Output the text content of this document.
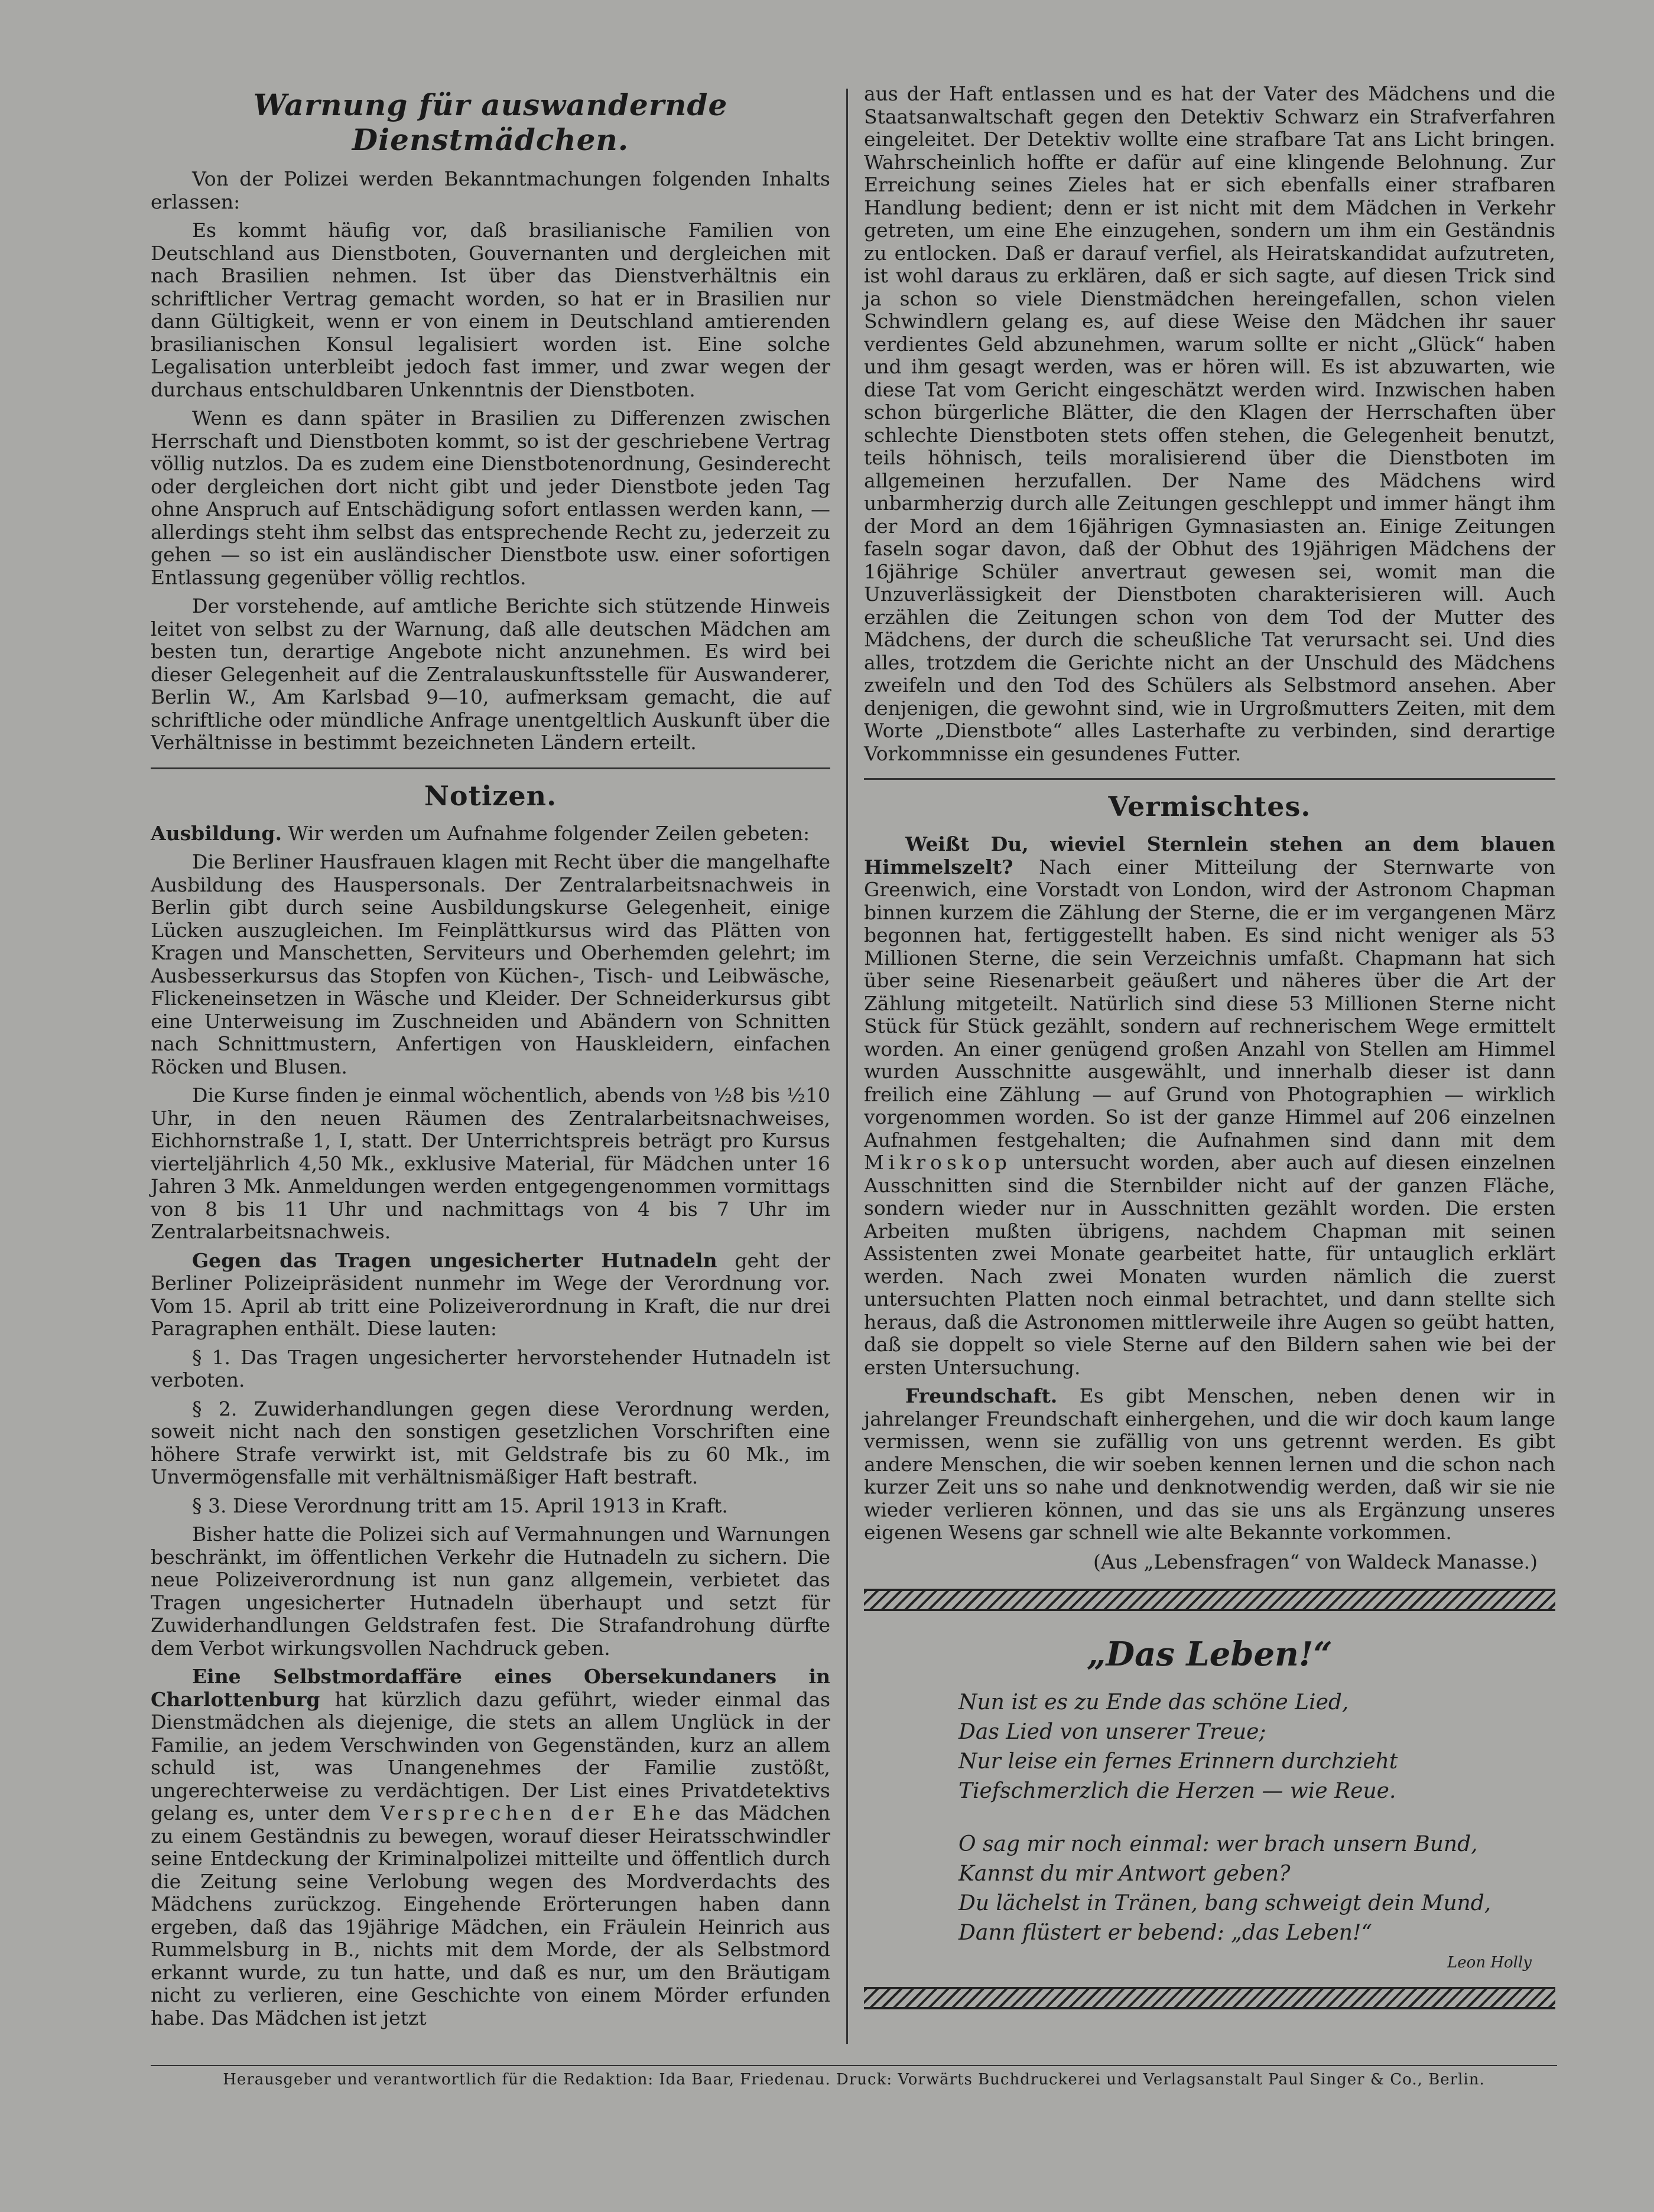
Warnung für auswandernde Dienstmädchen.

Von der Polizei werden Bekanntmachungen folgenden Inhalts erlassen:

Es kommt häufig vor, daß brasilianische Familien von Deutschland aus Dienstboten, Gouvernanten und dergleichen mit nach Brasilien nehmen. Ist über das Dienstverhältnis ein schriftlicher Vertrag gemacht worden, so hat er in Brasilien nur dann Gültigkeit, wenn er von einem in Deutschland amtierenden brasilianischen Konsul legalisiert worden ist. Eine solche Legalisation unterbleibt jedoch fast immer, und zwar wegen der durchaus entschuldbaren Unkenntnis der Dienstboten.

Wenn es dann später in Brasilien zu Differenzen zwischen Herrschaft und Dienstboten kommt, so ist der geschriebene Vertrag völlig nutzlos. Da es zudem eine Dienstbotenordnung, Gesinderecht oder dergleichen dort nicht gibt und jeder Dienstbote jeden Tag ohne Anspruch auf Entschädigung sofort entlassen werden kann, — allerdings steht ihm selbst das entsprechende Recht zu, jederzeit zu gehen — so ist ein ausländischer Dienstbote usw. einer sofortigen Entlassung gegenüber völlig rechtlos.

Der vorstehende, auf amtliche Berichte sich stützende Hinweis leitet von selbst zu der Warnung, daß alle deutschen Mädchen am besten tun, derartige Angebote nicht anzunehmen. Es wird bei dieser Gelegenheit auf die Zentralauskunftsstelle für Auswanderer, Berlin W., Am Karlsbad 9—10, aufmerksam gemacht, die auf schriftliche oder mündliche Anfrage unentgeltlich Auskunft über die Verhältnisse in bestimmt bezeichneten Ländern erteilt.

Notizen.

Ausbildung. Wir werden um Aufnahme folgender Zeilen gebeten:

Die Berliner Hausfrauen klagen mit Recht über die mangelhafte Ausbildung des Hauspersonals. Der Zentralarbeitsnachweis in Berlin gibt durch seine Ausbildungskurse Gelegenheit, einige Lücken auszugleichen. Im Feinplättkursus wird das Plätten von Kragen und Manschetten, Serviteurs und Oberhemden gelehrt; im Ausbesserkursus das Stopfen von Küchen-, Tisch- und Leibwäsche, Flickeneinsetzen in Wäsche und Kleider. Der Schneiderkursus gibt eine Unterweisung im Zuschneiden und Abändern von Schnitten nach Schnittmustern, Anfertigen von Hauskleidern, einfachen Röcken und Blusen.

Die Kurse finden je einmal wöchentlich, abends von ½8 bis ½10 Uhr, in den neuen Räumen des Zentralarbeitsnachweises, Eichhornstraße 1, I, statt. Der Unterrichtspreis beträgt pro Kursus vierteljährlich 4,50 Mk., exklusive Material, für Mädchen unter 16 Jahren 3 Mk. Anmeldungen werden entgegengenommen vormittags von 8 bis 11 Uhr und nachmittags von 4 bis 7 Uhr im Zentralarbeitsnachweis.

Gegen das Tragen ungesicherter Hutnadeln geht der Berliner Polizeipräsident nunmehr im Wege der Verordnung vor. Vom 15. April ab tritt eine Polizeiverordnung in Kraft, die nur drei Paragraphen enthält. Diese lauten:

§ 1. Das Tragen ungesicherter hervorstehender Hutnadeln ist verboten.

§ 2. Zuwiderhandlungen gegen diese Verordnung werden, soweit nicht nach den sonstigen gesetzlichen Vorschriften eine höhere Strafe verwirkt ist, mit Geldstrafe bis zu 60 Mk., im Unvermögensfalle mit verhältnismäßiger Haft bestraft.

§ 3. Diese Verordnung tritt am 15. April 1913 in Kraft.

Bisher hatte die Polizei sich auf Vermahnungen und Warnungen beschränkt, im öffentlichen Verkehr die Hutnadeln zu sichern. Die neue Polizeiverordnung ist nun ganz allgemein, verbietet das Tragen ungesicherter Hutnadeln überhaupt und setzt für Zuwiderhandlungen Geldstrafen fest. Die Strafandrohung dürfte dem Verbot wirkungsvollen Nachdruck geben.

Eine Selbstmordaffäre eines Obersekundaners in Charlottenburg hat kürzlich dazu geführt, wieder einmal das Dienstmädchen als diejenige, die stets an allem Unglück in der Familie, an jedem Verschwinden von Gegenständen, kurz an allem schuld ist, was Unangenehmes der Familie zustößt, ungerechterweise zu verdächtigen. Der List eines Privatdetektivs gelang es, unter dem Versprechen der Ehe das Mädchen zu einem Geständnis zu bewegen, worauf dieser Heiratsschwindler seine Entdeckung der Kriminalpolizei mitteilte und öffentlich durch die Zeitung seine Verlobung wegen des Mordverdachts des Mädchens zurückzog. Eingehende Erörterungen haben dann ergeben, daß das 19jährige Mädchen, ein Fräulein Heinrich aus Rummelsburg in B., nichts mit dem Morde, der als Selbstmord erkannt wurde, zu tun hatte, und daß es nur, um den Bräutigam nicht zu verlieren, eine Geschichte von einem Mörder erfunden habe. Das Mädchen ist jetzt

aus der Haft entlassen und es hat der Vater des Mädchens und die Staatsanwaltschaft gegen den Detektiv Schwarz ein Strafverfahren eingeleitet. Der Detektiv wollte eine strafbare Tat ans Licht bringen. Wahrscheinlich hoffte er dafür auf eine klingende Belohnung. Zur Erreichung seines Zieles hat er sich ebenfalls einer strafbaren Handlung bedient; denn er ist nicht mit dem Mädchen in Verkehr getreten, um eine Ehe einzugehen, sondern um ihm ein Geständnis zu entlocken. Daß er darauf verfiel, als Heiratskandidat aufzutreten, ist wohl daraus zu erklären, daß er sich sagte, auf diesen Trick sind ja schon so viele Dienstmädchen hereingefallen, schon vielen Schwindlern gelang es, auf diese Weise den Mädchen ihr sauer verdientes Geld abzunehmen, warum sollte er nicht „Glück“ haben und ihm gesagt werden, was er hören will. Es ist abzuwarten, wie diese Tat vom Gericht eingeschätzt werden wird. Inzwischen haben schon bürgerliche Blätter, die den Klagen der Herrschaften über schlechte Dienstboten stets offen stehen, die Gelegenheit benutzt, teils höhnisch, teils moralisierend über die Dienstboten im allgemeinen herzufallen. Der Name des Mädchens wird unbarmherzig durch alle Zeitungen geschleppt und immer hängt ihm der Mord an dem 16jährigen Gymnasiasten an. Einige Zeitungen faseln sogar davon, daß der Obhut des 19jährigen Mädchens der 16jährige Schüler anvertraut gewesen sei, womit man die Unzuverlässigkeit der Dienstboten charakterisieren will. Auch erzählen die Zeitungen schon von dem Tod der Mutter des Mädchens, der durch die scheußliche Tat verursacht sei. Und dies alles, trotzdem die Gerichte nicht an der Unschuld des Mädchens zweifeln und den Tod des Schülers als Selbstmord ansehen. Aber denjenigen, die gewohnt sind, wie in Urgroßmutters Zeiten, mit dem Worte „Dienstbote“ alles Lasterhafte zu verbinden, sind derartige Vorkommnisse ein gesundenes Futter.

Vermischtes.

Weißt Du, wieviel Sternlein stehen an dem blauen Himmelszelt? Nach einer Mitteilung der Sternwarte von Greenwich, eine Vorstadt von London, wird der Astronom Chapman binnen kurzem die Zählung der Sterne, die er im vergangenen März begonnen hat, fertiggestellt haben. Es sind nicht weniger als 53 Millionen Sterne, die sein Verzeichnis umfaßt. Chapmann hat sich über seine Riesenarbeit geäußert und näheres über die Art der Zählung mitgeteilt. Natürlich sind diese 53 Millionen Sterne nicht Stück für Stück gezählt, sondern auf rechnerischem Wege ermittelt worden. An einer genügend großen Anzahl von Stellen am Himmel wurden Ausschnitte ausgewählt, und innerhalb dieser ist dann freilich eine Zählung — auf Grund von Photographien — wirklich vorgenommen worden. So ist der ganze Himmel auf 206 einzelnen Aufnahmen festgehalten; die Aufnahmen sind dann mit dem Mikroskop untersucht worden, aber auch auf diesen einzelnen Ausschnitten sind die Sternbilder nicht auf der ganzen Fläche, sondern wieder nur in Ausschnitten gezählt worden. Die ersten Arbeiten mußten übrigens, nachdem Chapman mit seinen Assistenten zwei Monate gearbeitet hatte, für untauglich erklärt werden. Nach zwei Monaten wurden nämlich die zuerst untersuchten Platten noch einmal betrachtet, und dann stellte sich heraus, daß die Astronomen mittlerweile ihre Augen so geübt hatten, daß sie doppelt so viele Sterne auf den Bildern sahen wie bei der ersten Untersuchung.

Freundschaft. Es gibt Menschen, neben denen wir in jahrelanger Freundschaft einhergehen, und die wir doch kaum lange vermissen, wenn sie zufällig von uns getrennt werden. Es gibt andere Menschen, die wir soeben kennen lernen und die schon nach kurzer Zeit uns so nahe und denknotwendig werden, daß wir sie nie wieder verlieren können, und das sie uns als Ergänzung unseres eigenen Wesens gar schnell wie alte Bekannte vorkommen.

(Aus „Lebensfragen“ von Waldeck Manasse.)
„Das Leben!“
Nun ist es zu Ende das schöne Lied,
Das Lied von unserer Treue;
Nur leise ein fernes Erinnern durchzieht
Tiefschmerzlich die Herzen — wie Reue.
O sag mir noch einmal: wer brach unsern Bund,
Kannst du mir Antwort geben?
Du lächelst in Tränen, bang schweigt dein Mund,
Dann flüstert er bebend: „das Leben!“
Leon Holly
Herausgeber und verantwortlich für die Redaktion: Ida Baar, Friedenau. Druck: Vorwärts Buchdruckerei und Verlagsanstalt Paul Singer & Co., Berlin.
